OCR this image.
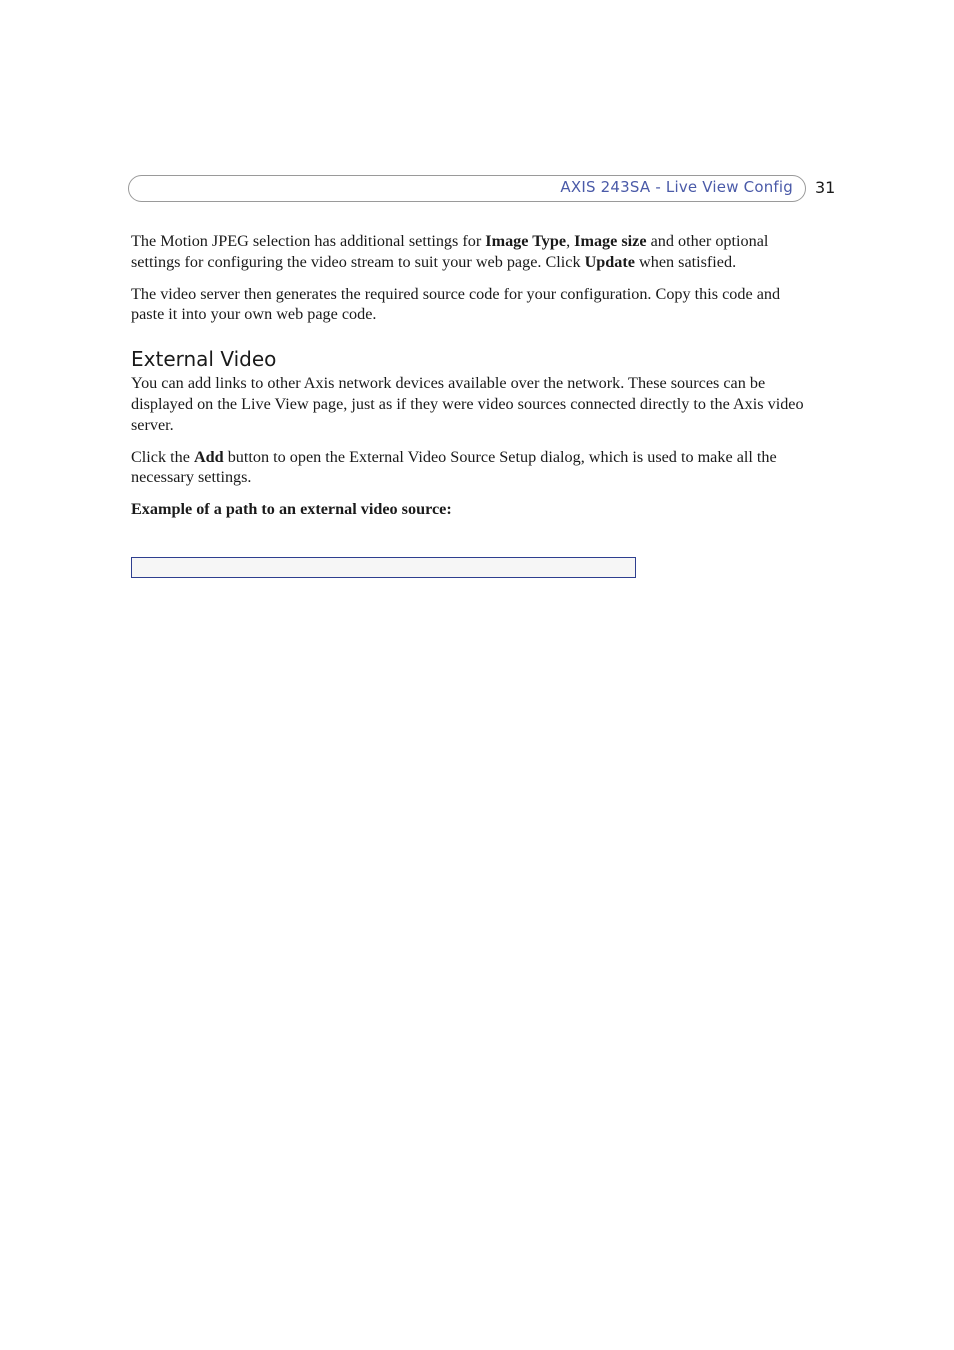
AXIS 243SA - Live View Config 31

The Motion JPEG selection has additional settings for Image Type, Image size and other optional settings for configuring the video stream to suit your web page. Click Update when satisfied.

The video server then generates the required source code for your configuration. Copy this code and paste it into your own web page code.

External Video

You can add links to other Axis network devices available over the network. These sources can be displayed on the Live View page, just as if they were video sources connected directly to the Axis video server.

Click the Add button to open the External Video Source Setup dialog, which is used to make all the necessary settings.

Example of a path to an external video source:
